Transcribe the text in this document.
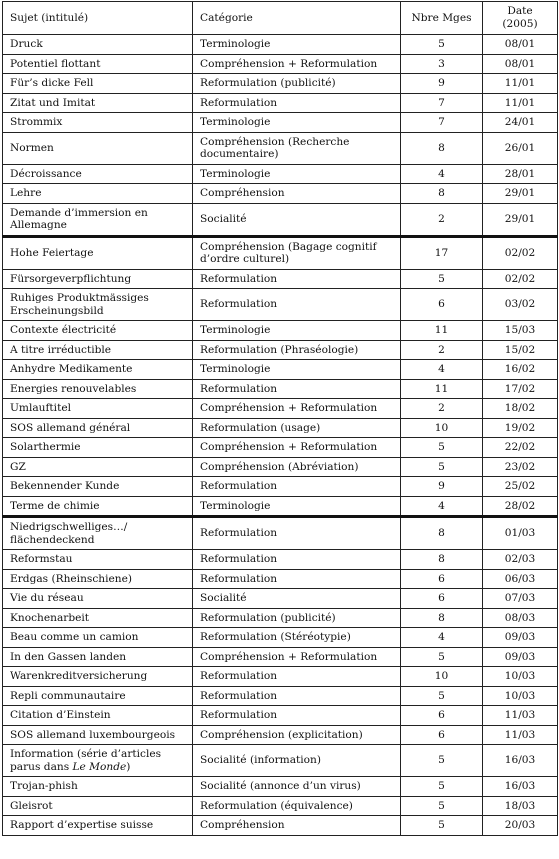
Sujet (intitulé)	Catégorie	Nbre Mges	Date
(2005)

Druck	Terminologie	5	08/01
Potentiel flottant	Compréhension + Reformulation	3	08/01
Für’s dicke Fell	Reformulation (publicité)	9	11/01
Zitat und Imitat	Reformulation	7	11/01
Strommix	Terminologie	7	24/01
Normen	Compréhension (Recherche documentaire)	8	26/01
Décroissance	Terminologie	4	28/01
Lehre	Compréhension	8	29/01
Demande d’immersion en Allemagne	Socialité	2	29/01
Hohe Feiertage	Compréhension (Bagage cognitif d’ordre culturel)	17	02/02
Fürsorgeverpflichtung	Reformulation	5	02/02
Ruhiges Produktmässiges Erscheinungsbild	Reformulation	6	03/02
Contexte électricité	Terminologie	11	15/03
A titre irréductible	Reformulation (Phraséologie)	2	15/02
Anhydre Medikamente	Terminologie	4	16/02
Energies renouvelables	Reformulation	11	17/02
Umlauftitel	Compréhension + Reformulation	2	18/02
SOS allemand général	Reformulation (usage)	10	19/02
Solarthermie	Compréhension + Reformulation	5	22/02
GZ	Compréhension (Abréviation)	5	23/02
Bekennender Kunde	Reformulation	9	25/02
Terme de chimie	Terminologie	4	28/02
Niedrigschwelliges…/ flächendeckend	Reformulation	8	01/03
Reformstau	Reformulation	8	02/03
Erdgas (Rheinschiene)	Reformulation	6	06/03
Vie du réseau	Socialité	6	07/03
Knochenarbeit	Reformulation (publicité)	8	08/03
Beau comme un camion	Reformulation (Stéréotypie)	4	09/03
In den Gassen landen	Compréhension + Reformulation	5	09/03
Warenkreditversicherung	Reformulation	10	10/03
Repli communautaire	Reformulation	5	10/03
Citation d’Einstein	Reformulation	6	11/03
SOS allemand luxembourgeois	Compréhension (explicitation)	6	11/03
Information (série d’articles parus dans Le Monde)	Socialité (information)	5	16/03
Trojan-phish	Socialité (annonce d’un virus)	5	16/03
Gleisrot	Reformulation (équivalence)	5	18/03
Rapport d’expertise suisse	Compréhension	5	20/03
